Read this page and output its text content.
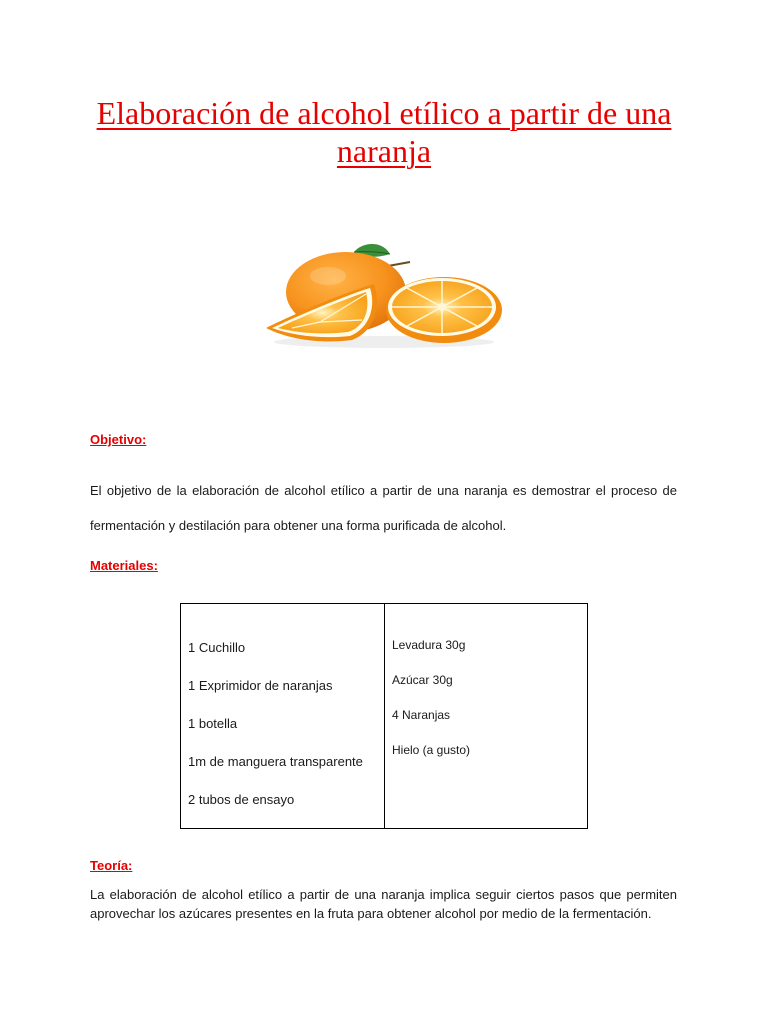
Elaboración de alcohol etílico a partir de una naranja

Objetivo:

El objetivo de la elaboración de alcohol etílico a partir de una naranja es demostrar el proceso de fermentación y destilación para obtener una forma purificada de alcohol.

Materiales:

1 Cuchillo

1 Exprimidor de naranjas

1 botella

1m de manguera transparente

2 tubos de ensayo

Levadura 30g

Azúcar 30g

4 Naranjas

Hielo (a gusto)

Teoría:

La elaboración de alcohol etílico a partir de una naranja implica seguir ciertos pasos que permiten aprovechar los azúcares presentes en la fruta para obtener alcohol por medio de la fermentación.
